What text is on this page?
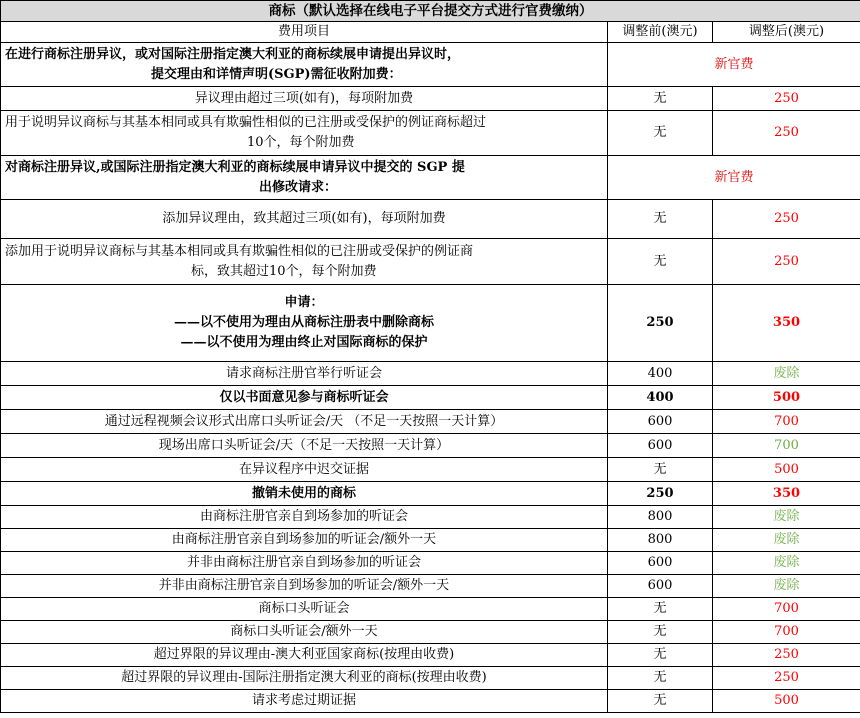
商标（默认选择在线电子平台提交方式进行官费缴纳）		
费用项目	调整前(澳元)	调整后(澳元)

在进行商标注册异议，或对国际注册指定澳大利亚的商标续展申请提出异议时，
提交理由和详情声明(SGP)需征收附加费：	新官费	
异议理由超过三项(如有)，每项附加费	无	250

用于说明异议商标与其基本相同或具有欺骗性相似的已注册或受保护的例证商标超过
10个，每个附加费	无	250

对商标注册异议,或国际注册指定澳大利亚的商标续展申请异议中提交的 SGP 提
出修改请求：	新官费	
添加异议理由，致其超过三项(如有)，每项附加费	无	250

添加用于说明异议商标与其基本相同或具有欺骗性相似的已注册或受保护的例证商
标，致其超过10个，每个附加费	无	250

申请：
——以不使用为理由从商标注册表中删除商标
——以不使用为理由终止对国际商标的保护	250	350
请求商标注册官举行听证会	400	废除
仅以书面意见参与商标听证会	400	500
通过远程视频会议形式出席口头听证会/天 （不足一天按照一天计算）	600	700
现场出席口头听证会/天（不足一天按照一天计算）	600	700
在异议程序中迟交证据	无	500
撤销未使用的商标	250	350
由商标注册官亲自到场参加的听证会	800	废除
由商标注册官亲自到场参加的听证会/额外一天	800	废除
并非由商标注册官亲自到场参加的听证会	600	废除
并非由商标注册官亲自到场参加的听证会/额外一天	600	废除
商标口头听证会	无	700
商标口头听证会/额外一天	无	700
超过界限的异议理由-澳大利亚国家商标(按理由收费)	无	250
超过界限的异议理由-国际注册指定澳大利亚的商标(按理由收费)	无	250
请求考虑过期证据	无	500
